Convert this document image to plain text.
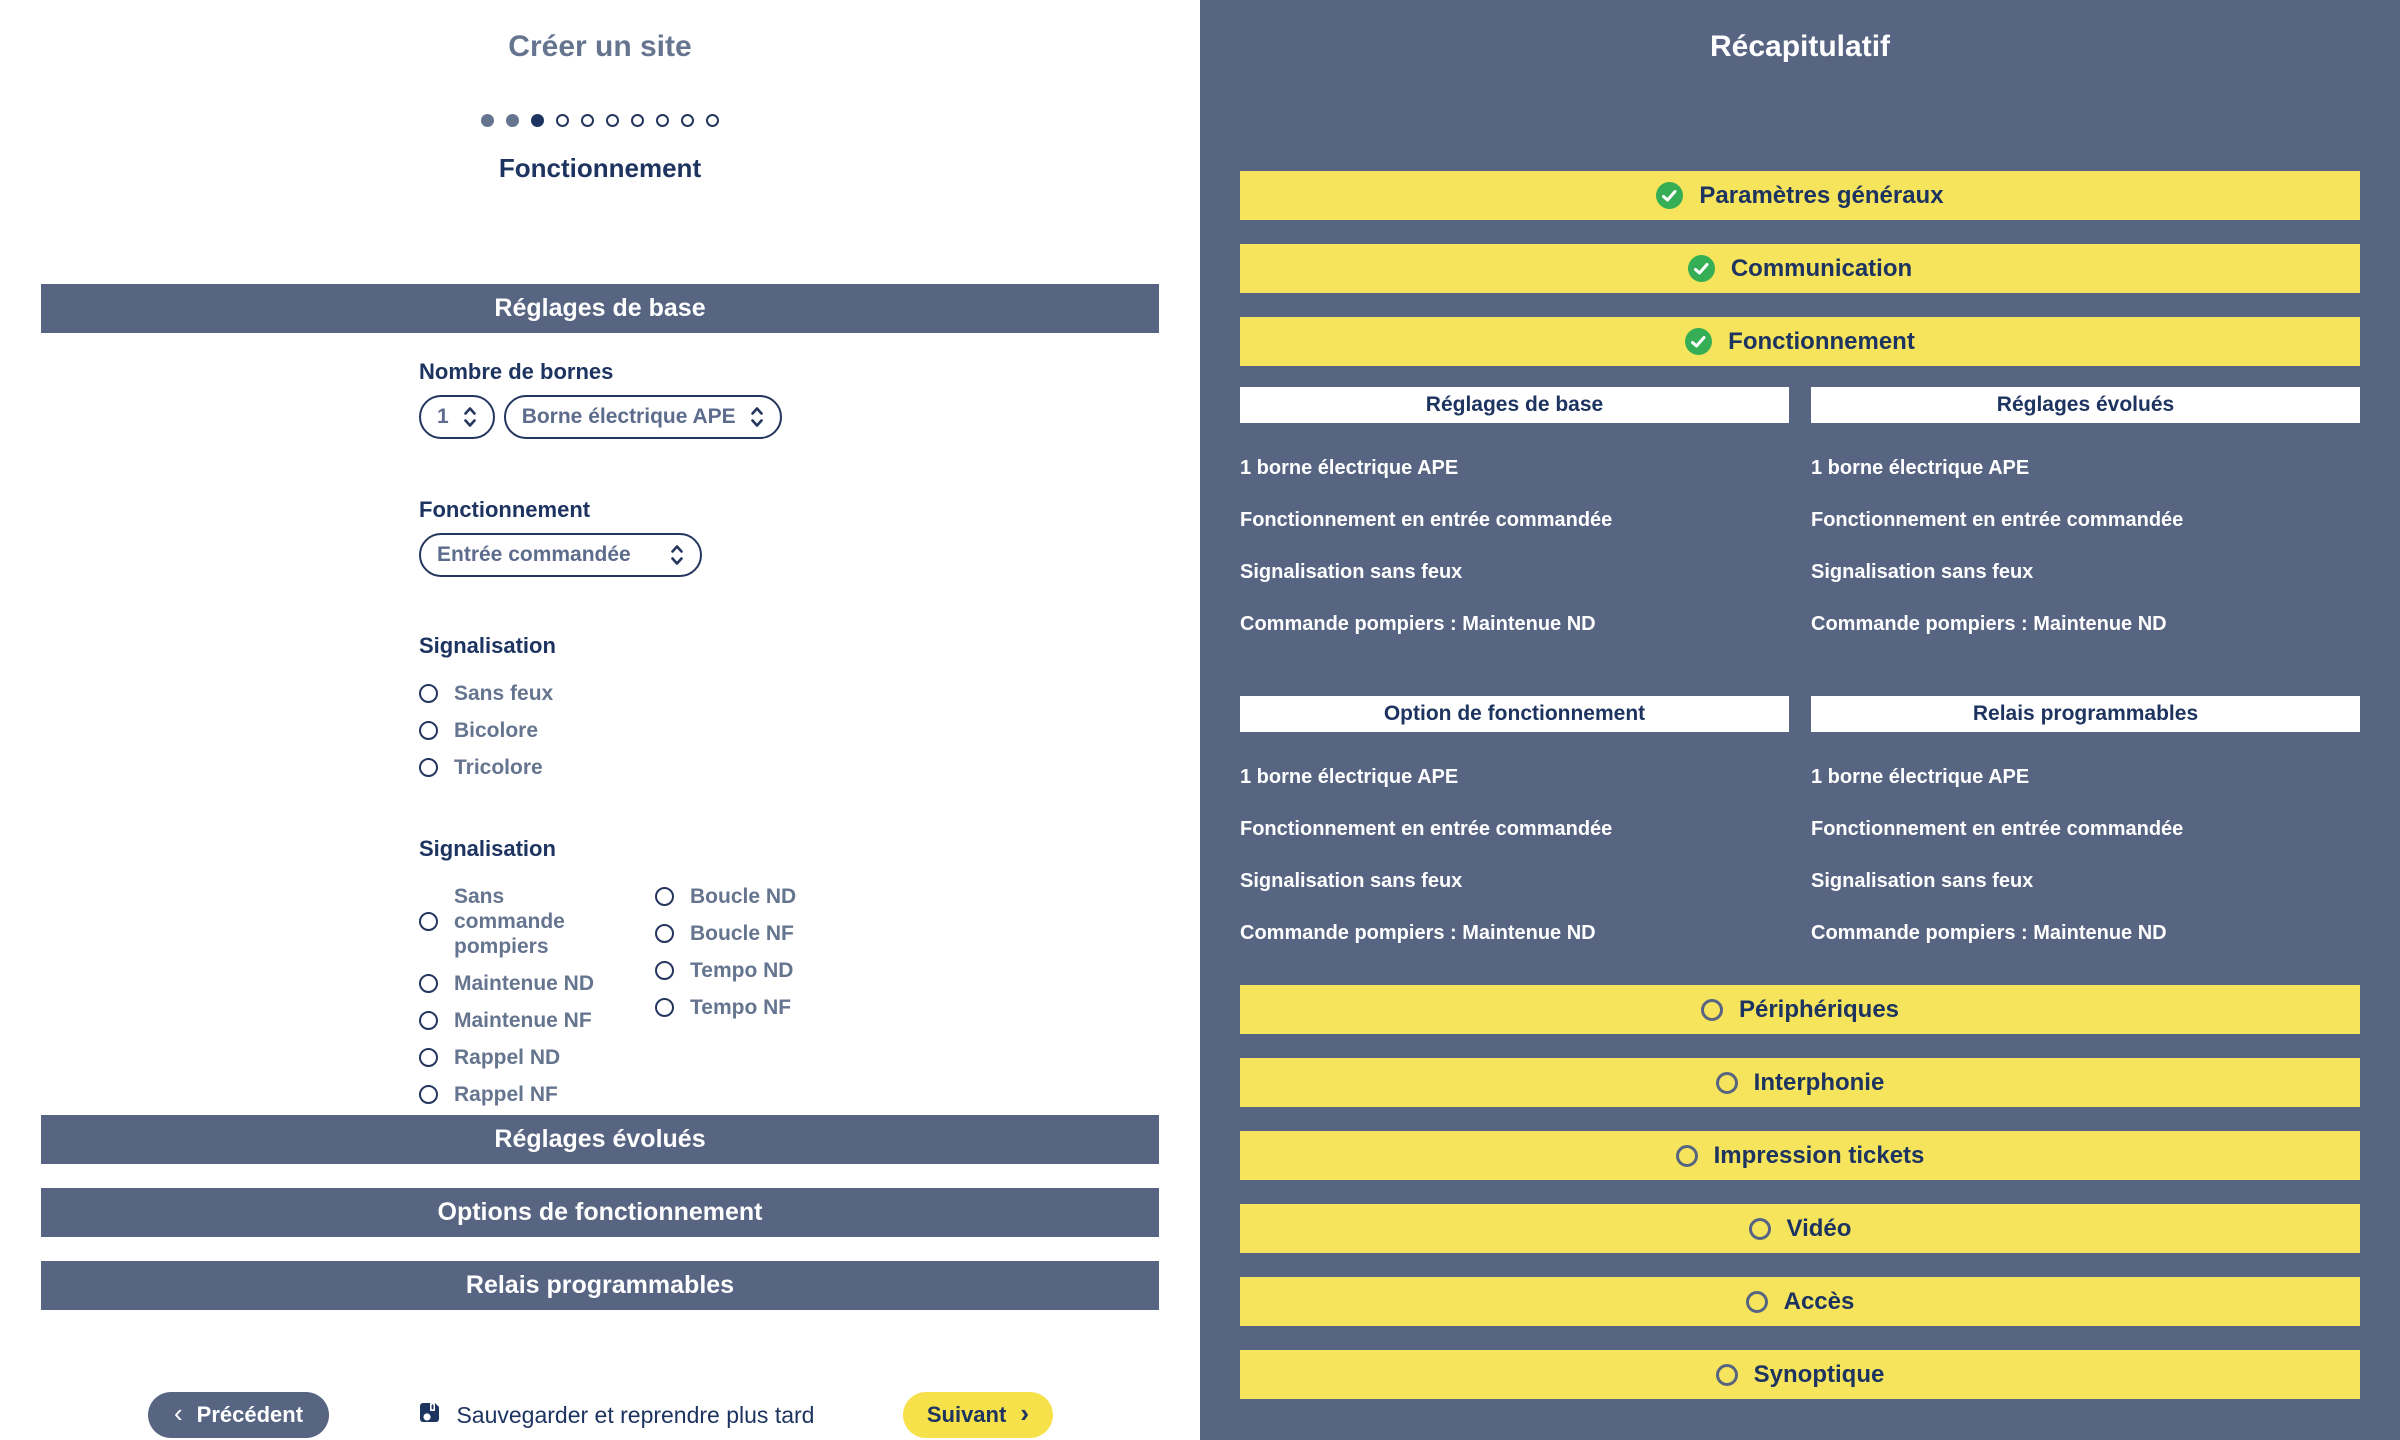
Créer un site
Fonctionnement
Réglages de base
Nombre de bornes
1	Borne électrique APE
Fonctionnement
Entrée commandée
Signalisation
Sans feux
Bicolore
Tricolore
Signalisation
Sans commande pompiers
Maintenue ND
Maintenue NF
Rappel ND
Rappel NF
Boucle ND
Boucle NF
Tempo ND
Tempo NF
Réglages évolués
Options de fonctionnement
Relais programmables
‹ Précédent	Sauvegarder et reprendre plus tard	Suivant ›
Récapitulatif
Paramètres généraux
Communication
Fonctionnement
Réglages de base
1 borne électrique APE
Fonctionnement en entrée commandée
Signalisation sans feux
Commande pompiers : Maintenue ND
Réglages évolués
1 borne électrique APE
Fonctionnement en entrée commandée
Signalisation sans feux
Commande pompiers : Maintenue ND
Option de fonctionnement
1 borne électrique APE
Fonctionnement en entrée commandée
Signalisation sans feux
Commande pompiers : Maintenue ND
Relais programmables
1 borne électrique APE
Fonctionnement en entrée commandée
Signalisation sans feux
Commande pompiers : Maintenue ND
Périphériques
Interphonie
Impression tickets
Vidéo
Accès
Synoptique
